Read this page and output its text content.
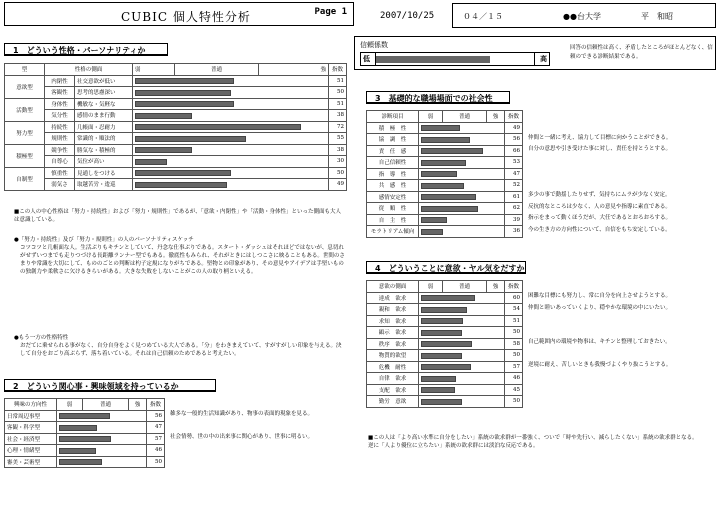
CUBIC 個人特性分析	Page 1	2007/10/25	０４／１５	●●台大学	平　和昭
1　どういう性格・パーソナリティか
型	性格の側面		弱	普通	強	指数
意欲型	内閉性	社交意欲が低い				51
	客観性	思考的思慮深い				50
活動型	身体性	機敏な・気軽な				51
	気分性	感情のまま行動				38
努力型	持続性	几帳面・忍耐力				72
	規則性	常識的・順法的				55
積極型	競争性	勝気な・積極的				38
	自尊心	気位が高い				30
自制型	慎重性	見通しをつける				50
	弱気さ	取越苦労・逡巡				49
■この人の中心性格は「努力・持続性」および「努力・規則性」であるが、「意欲・内閉性」や「活動・身体性」といった側面も大人は意識している。
●「努力・持続性」及び「努力・規則性」の人のパーソナリティスケッチ
コツコツと几帳面な人。生活ぶりもキチンとしていて、丹念な仕事ぶりである。スタート・ダッシュはそれほどではないが、息切れがせずいつまでも走りつづける長距離ランナー型でもある。徹底性もみられ、それがときにはしつこさに映ることもある。世間のさまりや常識を大切にして、もののごとの判断は杓子定規になりがちである。堅物との印象があり、その意見やアイデアは手堅いものの独創力や柔軟さに欠けるきらいがある。大きな失敗をしないことがこの人の取り柄といえる。
●もう一方の性格特性
おだてに乗せられる事がなく、自分自身をよく見つめている大人である。「分」をわきまえていて、すがすがしい印象を与える。決して自分をおごり高ぶらず、落ち着いている。それは自己信頼のためであると考えたい。
2　どういう関心事・興味領域を持っているか
興味の方向性	弱	普通	強	指数
日常周辺事型				56
客観・科学型				47
社会・経済型				57
心理・情緒型				46
審美・芸術型				50
雑多な一般的生活知識があり、物事の表面的現象を見る。
社会情勢、世の中の出来事に関心があり、世事に明るい。
信頼係数
低	高
回答の信頼性は高く、矛盾したところがほとんどなく、信頼のできる診断結果である。
3　基礎的な職場場面での社会性
診断項目	弱	普通	強	指数
積　極　性				49
協　調　性				56
責　任　感				66
自己信頼性				53
指　導　性				47
共　感　性				52
感情安定性				61
従　順　性				62
自　主　性				39
モラトリアム傾向				36
仲間と一緒に考え、協力して目標に向かうことができる。
自分の意思や引き受けた事に対し、責任を持とうとする。
多少の事で動揺したりせず、気持ちにムラが少なく安定。
反抗的なところは少なく、人の意見や指導に素直である。
指示をまって動くほうだが、大任であるとおろおろする。
今の生き方の方向性について、自信をもち安定している。
4　どういうことに意欲・ヤル気をだすか
意欲の側面	弱	普通	強	指数
達成　欲求				60
親和　欲求				54
求知　欲求				51
顕示　欲求				50
秩序　欲求				58
物質的欲望				50
危機　耐性				57
自律　欲求				46
支配　欲求				45
勤労　意欲				50
困難な目標にも努力し、常に自分を向上させようとする。
仲間と睦いあっていくより、穏やかな環境の中にいたい。
自己範囲内の環境や物事は、キチンと整理しておきたい。
逆境に耐え、苦しいときも我慢づよくやり抜こうとする。
■この人は「より高い水準に自分をしたい」系統の欲求群が一番強く、ついで「時や先行い、減らしたくない」系統の欲求群となる。逆に「人より優位に立ちたい」系統の欲求群には淡泊な反応である。
